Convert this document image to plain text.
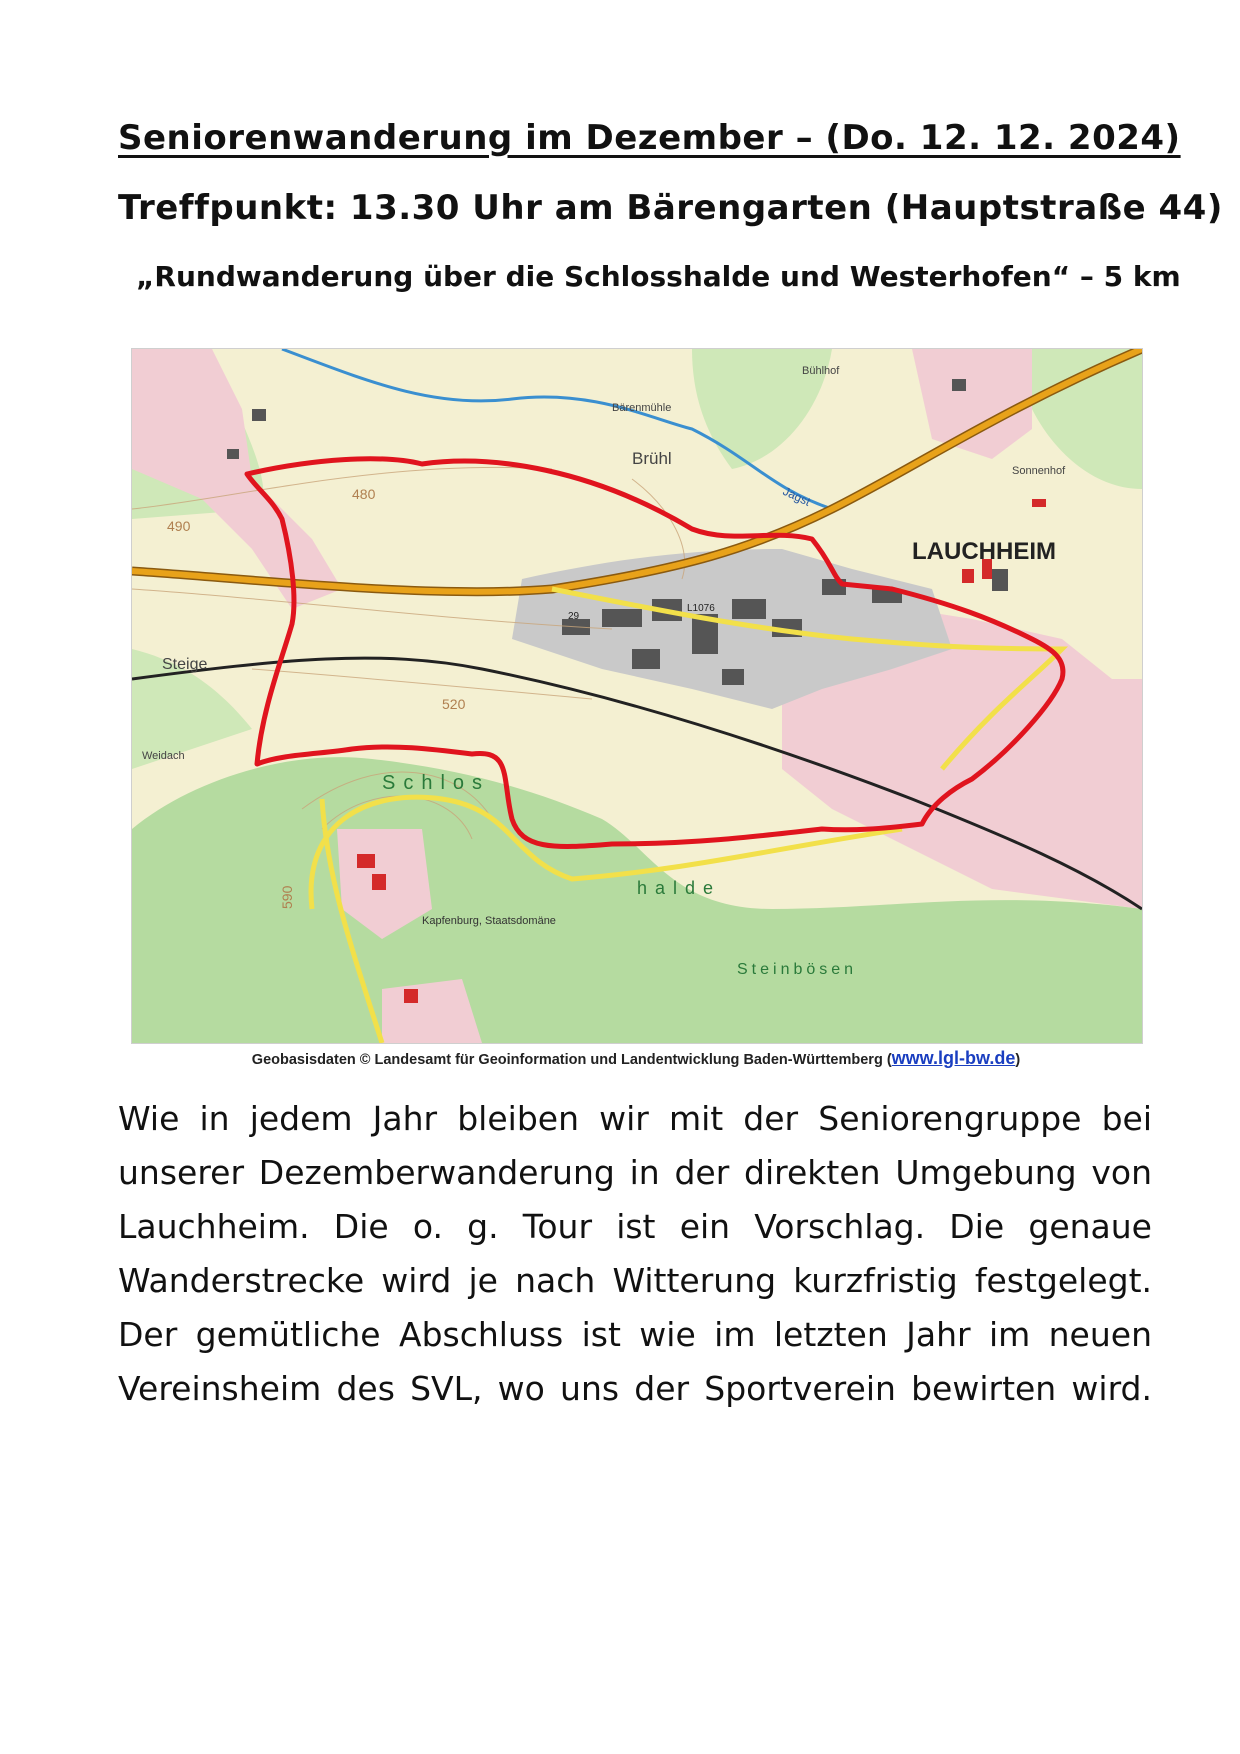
Seniorenwanderung im Dezember – (Do. 12. 12. 2024)
Treffpunkt: 13.30 Uhr am Bärengarten (Hauptstraße 44)
„Rundwanderung über die Schlosshalde und Westerhofen“ – 5 km
LAUCHHEIM
Brühl
Steige
Schlos
halde
Steinbösen
Jagst
Bühlhof
Bärenmühle
Sonnenhof
Weidach
Kapfenburg, Staatsdomäne
29
L1076
480
490
520
590
Geobasisdaten © Landesamt für Geoinformation und Landentwicklung Baden-Württemberg (www.lgl-bw.de)
Wie in jedem Jahr bleiben wir mit der Seniorengruppe bei
unserer Dezemberwanderung in der direkten Umgebung von
Lauchheim. Die o. g. Tour ist ein Vorschlag. Die genaue
Wanderstrecke wird je nach Witterung kurzfristig festgelegt.
Der gemütliche Abschluss ist wie im letzten Jahr im neuen
Vereinsheim des SVL, wo uns der Sportverein bewirten wird.
